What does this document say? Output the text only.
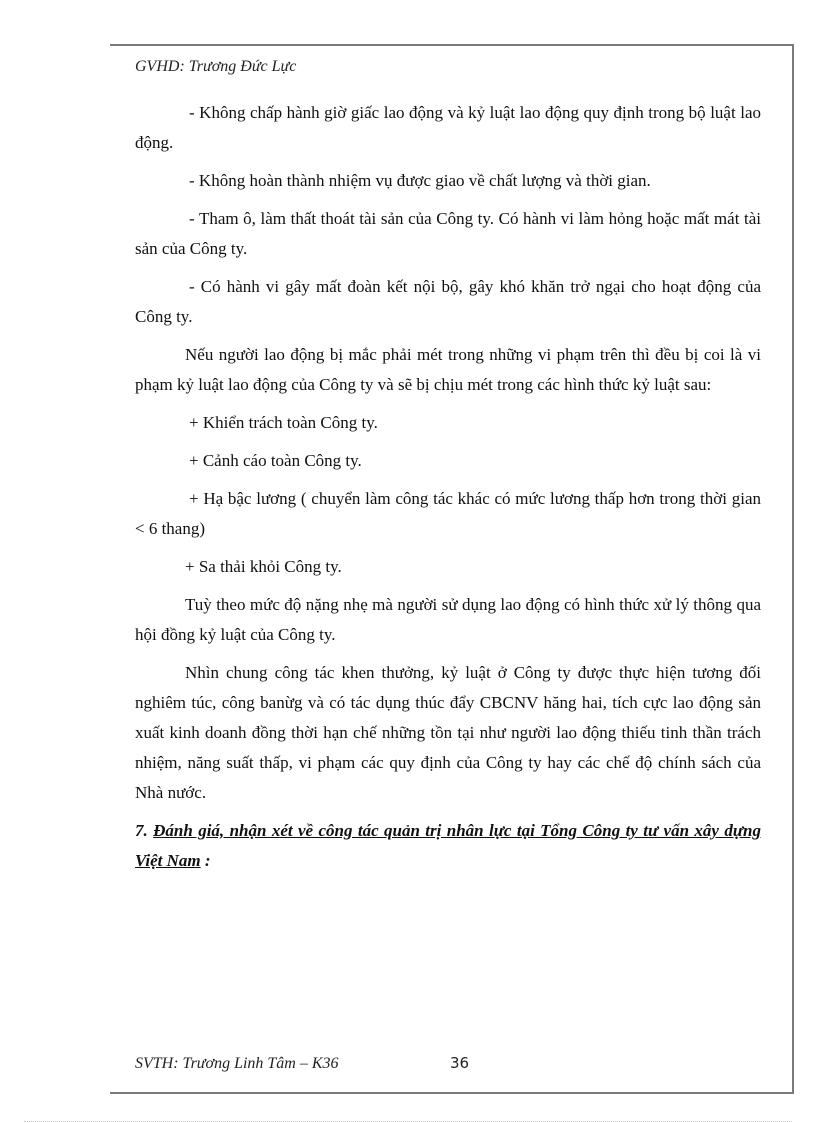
GVHD: Trương Đức Lực

- Không chấp hành giờ giấc lao động và kỷ luật lao động quy định trong bộ luật lao động.

- Không hoàn thành nhiệm vụ được giao về chất lượng và thời gian.

- Tham ô, làm thất thoát tài sản của Công ty. Có hành vi làm hỏng hoặc mất mát tài sản của Công ty.

- Có hành vi gây mất đoàn kết nội bộ, gây khó khăn trở ngại cho hoạt động của Công ty.

Nếu người lao động bị mắc phải mét trong những vi phạm trên thì đều bị coi là vi phạm kỷ luật lao động của Công ty và sẽ bị chịu mét trong các hình thức kỷ luật sau:

+ Khiển trách toàn Công ty.

+ Cảnh cáo toàn Công ty.

+ Hạ bậc lương ( chuyển làm công tác khác có mức lương thấp hơn trong thời gian < 6 thang)

+ Sa thải khỏi Công ty.

Tuỳ theo mức độ nặng nhẹ mà người sử dụng lao động có hình thức xử lý thông qua hội đồng kỷ luật của Công ty.

Nhìn chung công tác khen thưởng, kỷ luật ở Công ty được thực hiện tương đối nghiêm túc, công banừg và có tác dụng thúc đẩy CBCNV hăng hai, tích cực lao động sản xuất kinh doanh đồng thời hạn chế những tồn tại như người lao động thiếu tinh thần trách nhiệm, năng suất thấp, vi phạm các quy định của Công ty hay các chế độ chính sách của Nhà nước.

7. Đánh giá, nhận xét về công tác quản trị nhân lực tại Tổng Công ty tư vấn xây dựng Việt Nam :

SVTH: Trương Linh Tâm – K36	36
